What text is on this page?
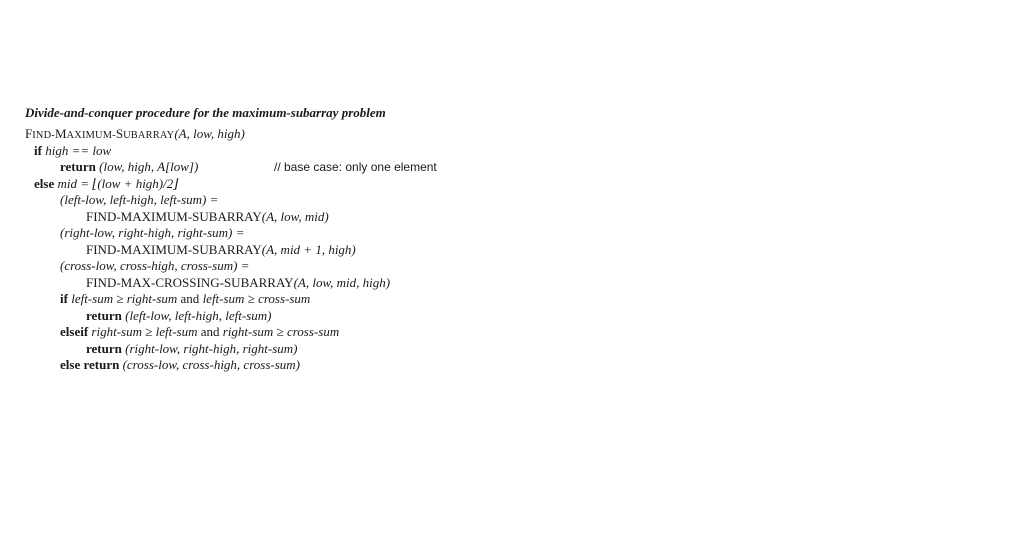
Divide-and-conquer procedure for the maximum-subarray problem
FIND-MAXIMUM-SUBARRAY(A, low, high)
if high == low
return (low, high, A[low])	// base case: only one element
else mid = ⌊(low + high)/2⌋
(left-low, left-high, left-sum) =
FIND-MAXIMUM-SUBARRAY(A, low, mid)
(right-low, right-high, right-sum) =
FIND-MAXIMUM-SUBARRAY(A, mid + 1, high)
(cross-low, cross-high, cross-sum) =
FIND-MAX-CROSSING-SUBARRAY(A, low, mid, high)
if left-sum ≥ right-sum and left-sum ≥ cross-sum
return (left-low, left-high, left-sum)
elseif right-sum ≥ left-sum and right-sum ≥ cross-sum
return (right-low, right-high, right-sum)
else return (cross-low, cross-high, cross-sum)
